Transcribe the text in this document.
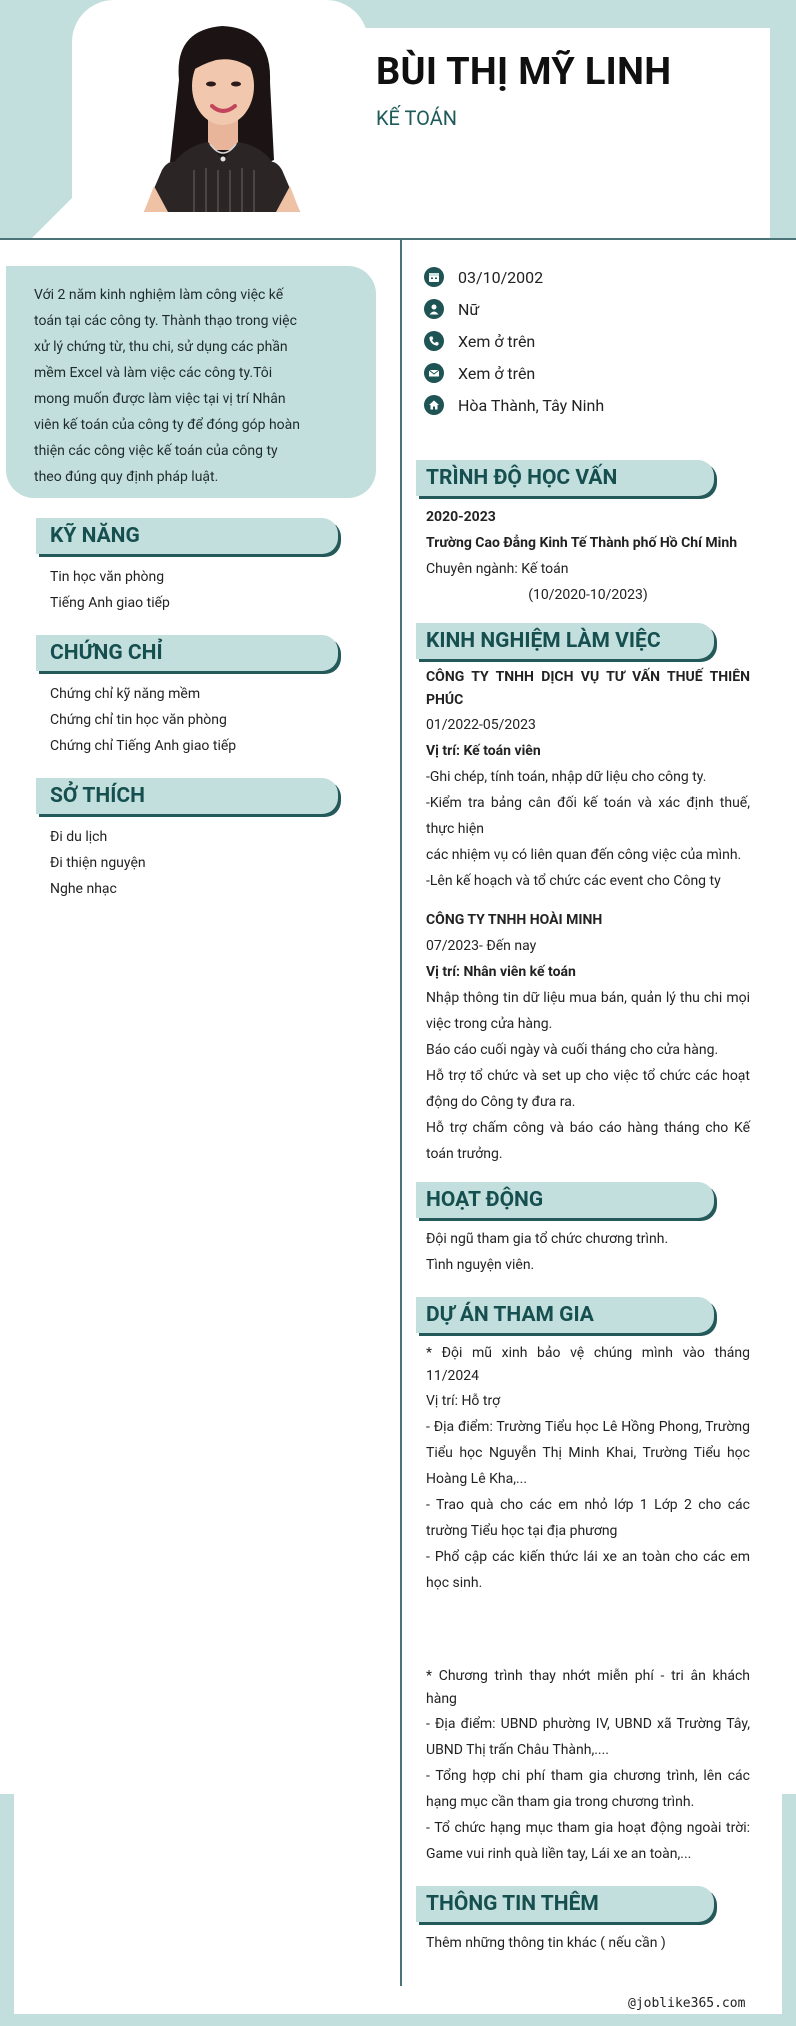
BÙI THỊ MỸ LINH
KẾ TOÁN
Với 2 năm kinh nghiệm làm công việc kế toán tại các công ty. Thành thạo trong việc xử lý chứng từ, thu chi, sử dụng các phần mềm Excel và làm việc các công ty.Tôi mong muốn được làm việc tại vị trí Nhân viên kế toán của công ty để đóng góp hoàn thiện các công việc kế toán của công ty theo đúng quy định pháp luật.
KỸ NĂNG
Tin học văn phòng
Tiếng Anh giao tiếp
CHỨNG CHỈ
Chứng chỉ kỹ năng mềm
Chứng chỉ tin học văn phòng
Chứng chỉ Tiếng Anh giao tiếp
SỞ THÍCH
Đi du lịch
Đi thiện nguyện
Nghe nhạc
03/10/2002
Nữ
Xem ở trên
Xem ở trên
Hòa Thành, Tây Ninh
TRÌNH ĐỘ HỌC VẤN
2020-2023
Trường Cao Đẳng Kinh Tế Thành phố Hồ Chí Minh
Chuyên ngành: Kế toán
(10/2020-10/2023)
KINH NGHIỆM LÀM VIỆC
CÔNG TY TNHH DỊCH VỤ TƯ VẤN THUẾ THIÊN PHÚC
01/2022-05/2023
Vị trí: Kế toán viên
-Ghi chép, tính toán, nhập dữ liệu cho công ty.
-Kiểm tra bảng cân đối kế toán và xác định thuế, thực hiện
các nhiệm vụ có liên quan đến công việc của mình.
-Lên kế hoạch và tổ chức các event cho Công ty
CÔNG TY TNHH HOÀI MINH
07/2023- Đến nay
Vị trí: Nhân viên kế toán
Nhập thông tin dữ liệu mua bán, quản lý thu chi mọi việc trong cửa hàng.
Báo cáo cuối ngày và cuối tháng cho cửa hàng.
Hỗ trợ tổ chức và set up cho việc tổ chức các hoạt động do Công ty đưa ra.
Hỗ trợ chấm công và báo cáo hàng tháng cho Kế toán trưởng.
HOẠT ĐỘNG
Đội ngũ tham gia tổ chức chương trình.
Tình nguyện viên.
DỰ ÁN THAM GIA
* Đội mũ xinh bảo vệ chúng mình vào tháng 11/2024
Vị trí: Hỗ trợ
- Địa điểm: Trường Tiểu học Lê Hồng Phong, Trường Tiểu học Nguyễn Thị Minh Khai, Trường Tiểu học Hoàng Lê Kha,...
- Trao quà cho các em nhỏ lớp 1 Lớp 2 cho các trường Tiểu học tại địa phương
- Phổ cập các kiến thức lái xe an toàn cho các em học sinh.
* Chương trình thay nhớt miễn phí - tri ân khách hàng
- Địa điểm: UBND phường IV, UBND xã Trường Tây, UBND Thị trấn Châu Thành,....
- Tổng hợp chi phí tham gia chương trình, lên các hạng mục cần tham gia trong chương trình.
- Tổ chức hạng mục tham gia hoạt động ngoài trời: Game vui rinh quà liền tay, Lái xe an toàn,...
THÔNG TIN THÊM
Thêm những thông tin khác ( nếu cần )
@joblike365.com
